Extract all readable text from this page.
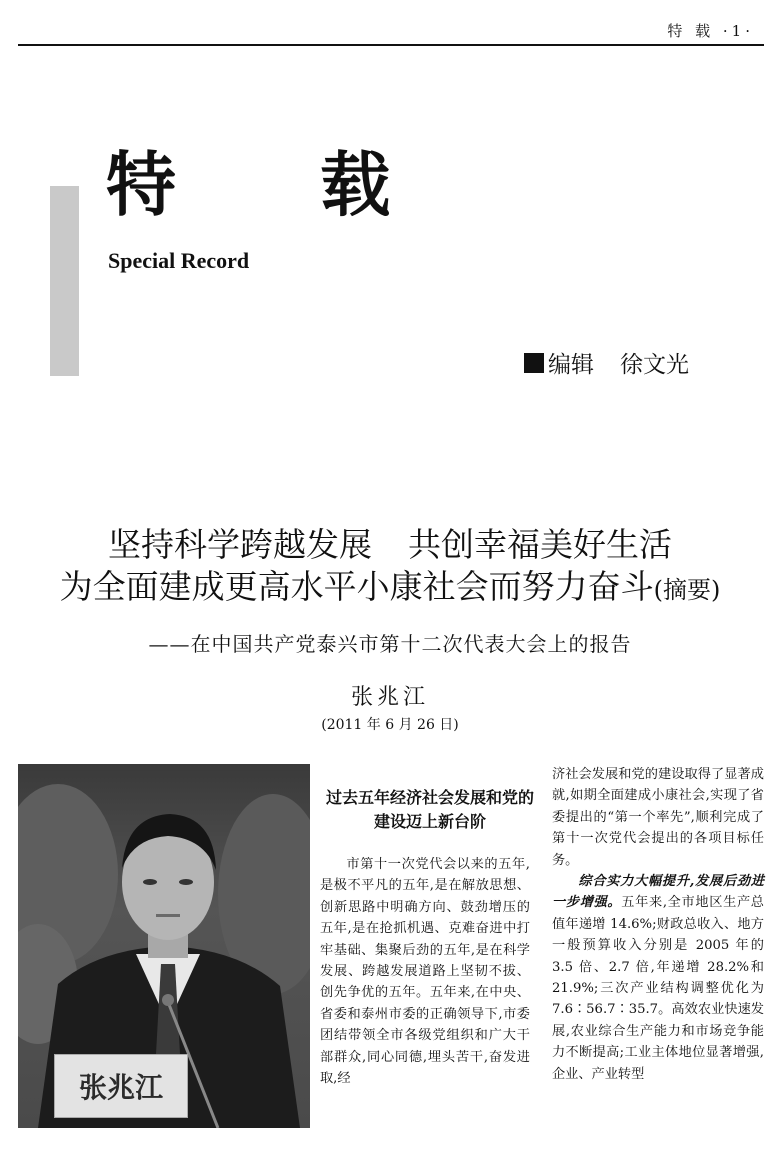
特 载 ·1·
特 载
Special Record
编辑 徐文光
坚持科学跨越发展 共创幸福美好生活
为全面建成更高水平小康社会而努力奋斗(摘要)
——在中国共产党泰兴市第十二次代表大会上的报告
张兆江
(2011 年 6 月 26 日)
张兆江
过去五年经济社会发展和党的建设迈上新台阶

市第十一次党代会以来的五年,是极不平凡的五年,是在解放思想、创新思路中明确方向、鼓劲增压的五年,是在抢抓机遇、克难奋进中打牢基础、集聚后劲的五年,是在科学发展、跨越发展道路上坚韧不拔、创先争优的五年。五年来,在中央、省委和泰州市委的正确领导下,市委团结带领全市各级党组织和广大干部群众,同心同德,埋头苦干,奋发进取,经

济社会发展和党的建设取得了显著成就,如期全面建成小康社会,实现了省委提出的“第一个率先”,顺利完成了第十一次党代会提出的各项目标任务。

综合实力大幅提升,发展后劲进一步增强。五年来,全市地区生产总值年递增 14.6%;财政总收入、地方一般预算收入分别是 2005 年的 3.5 倍、2.7 倍,年递增 28.2%和 21.9%;三次产业结构调整优化为 7.6∶56.7∶35.7。高效农业快速发展,农业综合生产能力和市场竞争能力不断提高;工业主体地位显著增强,企业、产业转型
